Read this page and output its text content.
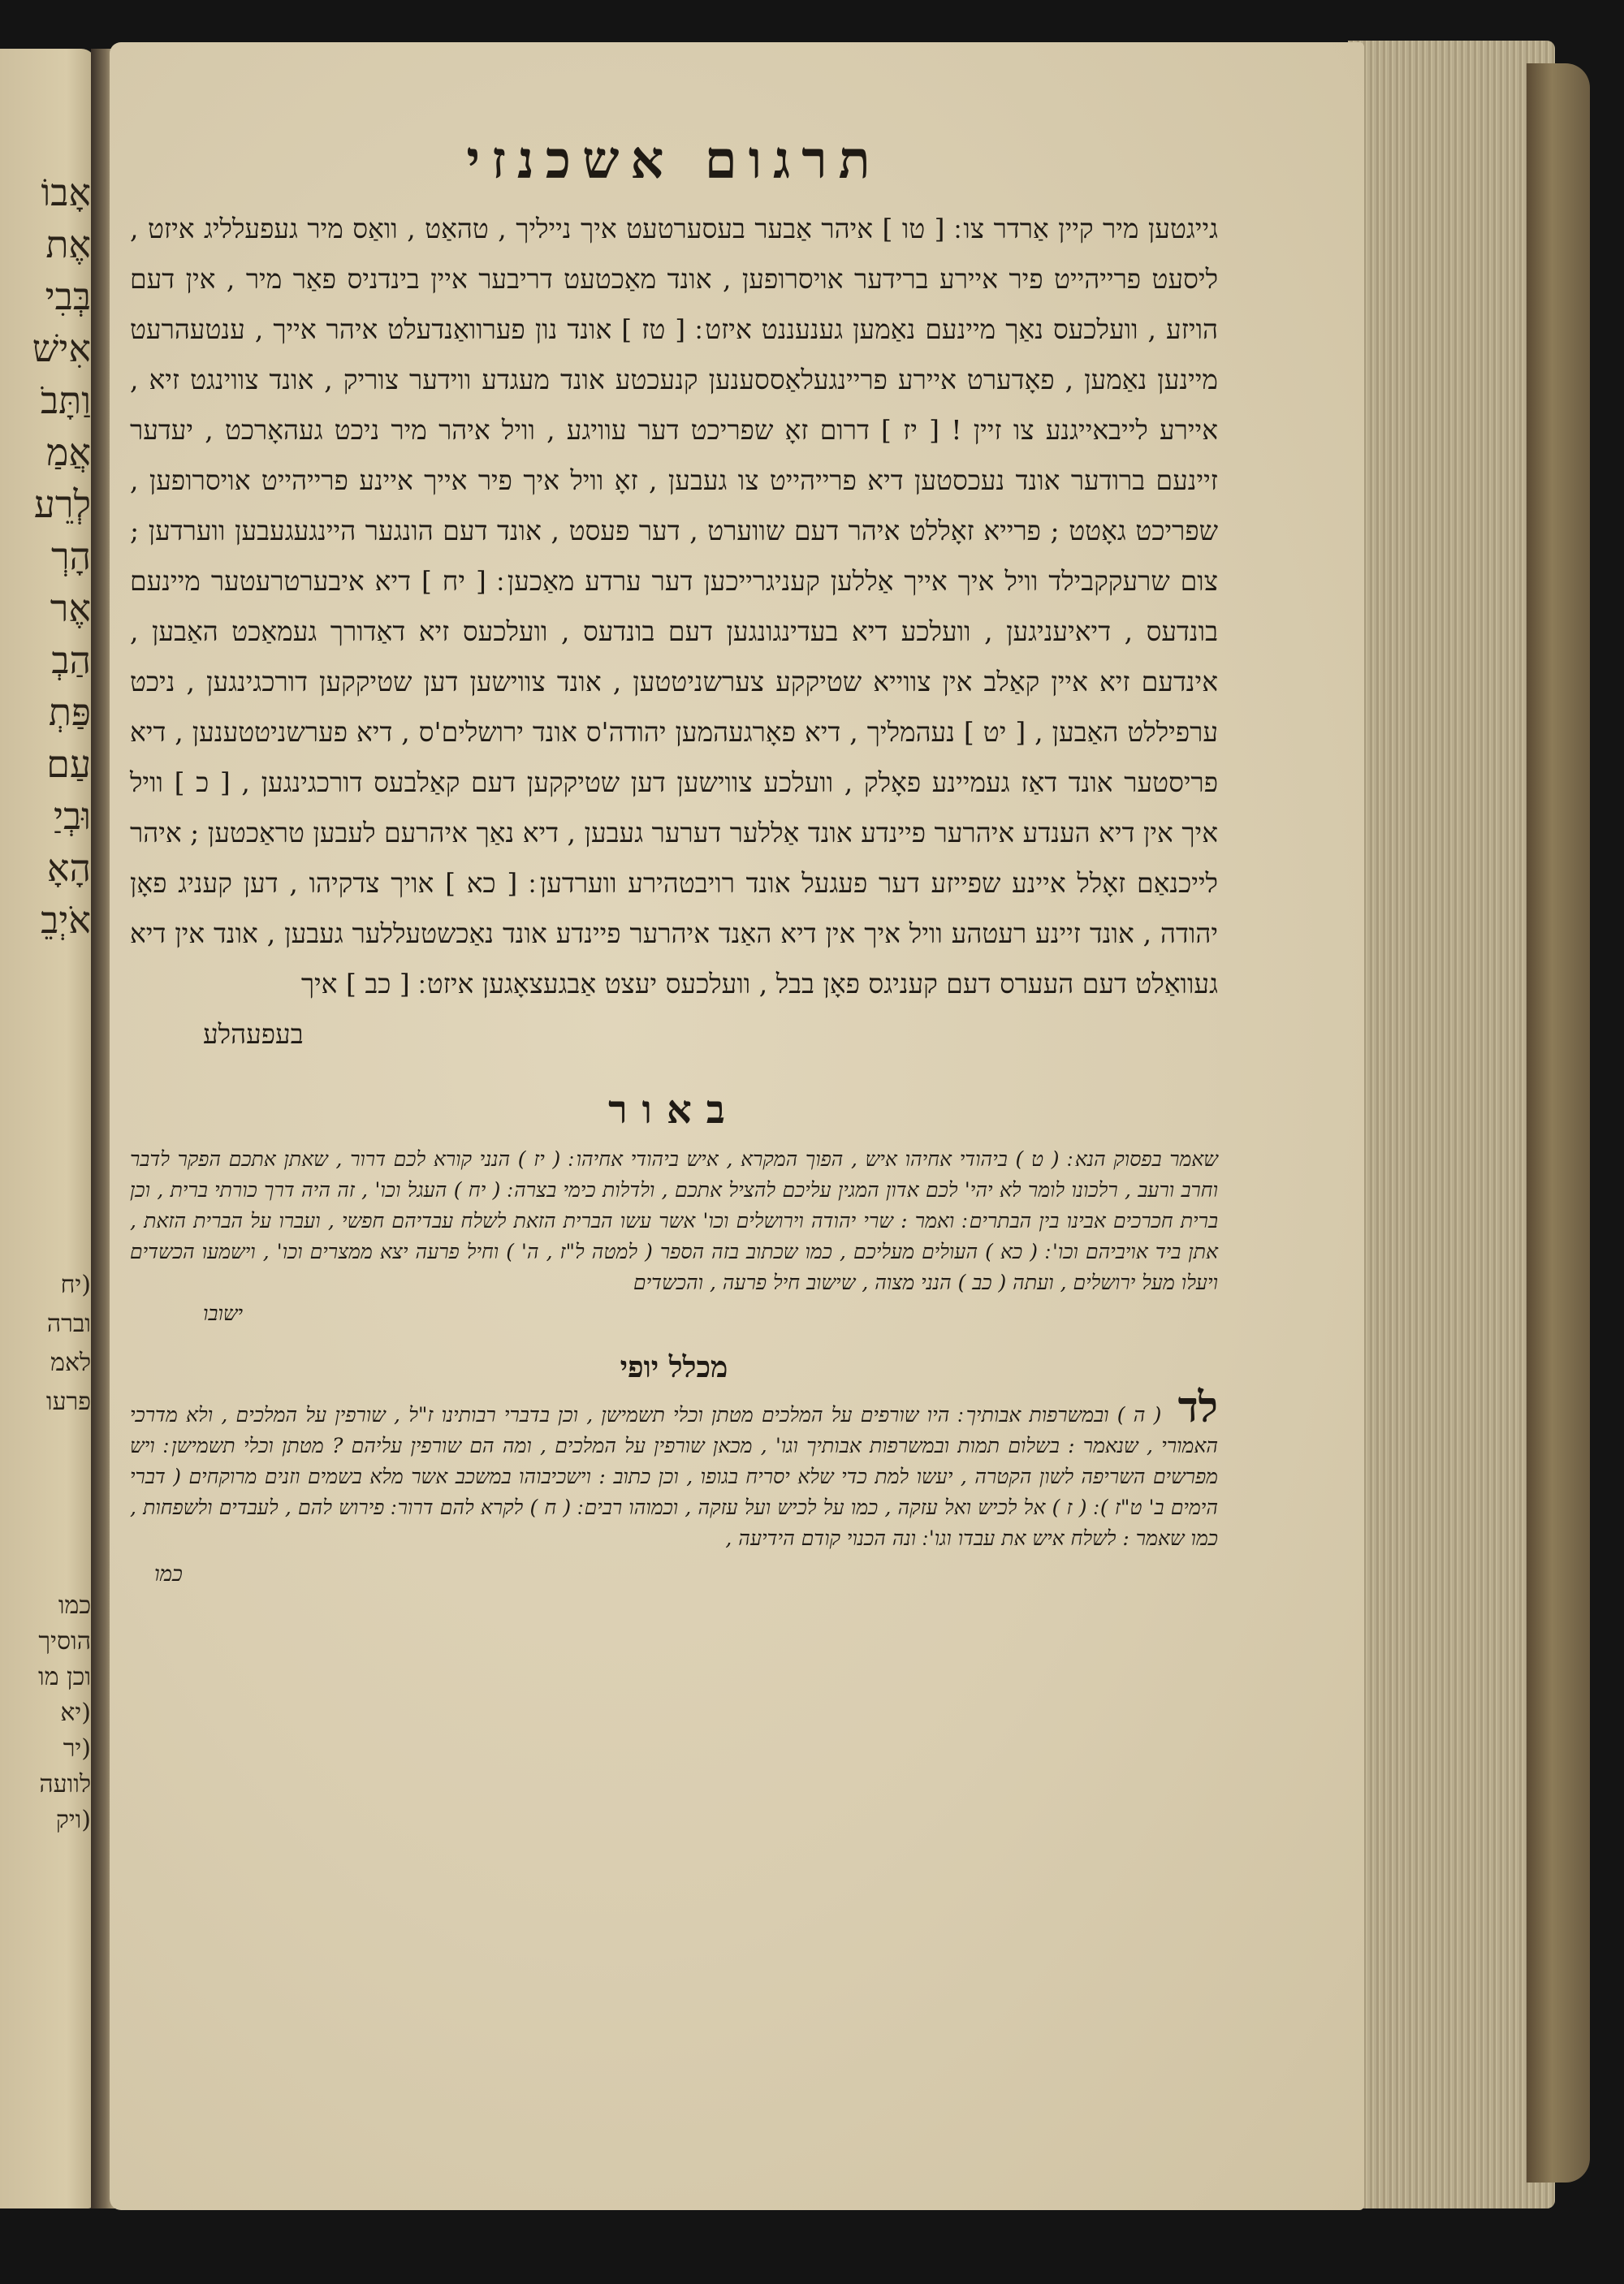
אָבוֹ
אֶת
בְּבִי
אִישׁ
וַתָּבֹ
אֲמַ
לְרֵע
הָרְ
אֶר
הַבְ
פַּתְ
עַם
וּבְיַ
הָאָ
אֹיְבֵ
(יח
וברה
לאמ
פרעו
כמו
הוסיך
וכן מו
(יא
(יר
לוועה
(ויק
תרגום אשכנזי
גייגטען מיר קיין אַרדר צו ׃ [ טו ] איהר אַבער בעסערטעט איך נייליך , טהאַט , וואַס מיר געפעלליג איזט , ליסעט פרייהייט פיר איירע ברידער אויסרופען , אונד מאַכטעט דריבער איין בינדניס פאַר מיר , אין דעם הויזע , וועלכעס נאַך מיינעם נאַמען גענעננט איזט ׃ [ טז ] אונד נון פערוואַנדעלט איהר אייך , ענטעהרעט מיינען נאַמען , פאָדערט איירע פריינגעלאַססענען קנעכטע אונד מעגדע ווידער צוריק , אונד צווינגט זיא , איירע לייבאייגנע צו זיין ! [ יז ] דרום זאָ שפריכט דער עוויגע , וויל איהר מיר ניכט געהאָרכט , יעדער זיינעם ברודער אונד נעכסטען דיא פרייהייט צו געבען , זאָ וויל איך פיר אייך איינע פרייהייט אויסרופען , שפריכט גאָטט ; פרייא זאָללט איהר דעם שווערט , דער פעסט , אונד דעם הונגער היינגעגעבען ווערדען ; צום שרעקקבילד וויל איך אייך אַללען קעניגרייכען דער ערדע מאַכען ׃ [ יח ] דיא איבערטרעטער מיינעם בונדעס , דיאיעניגען , וועלכע דיא בעדינגונגען דעם בונדעס , וועלכעס זיא דאַדורך געמאַכט האַבען , אינדעם זיא איין קאַלב אין צווייא שטיקקע צערשניטטען , אונד צווישען דען שטיקקען דורכגינגען , ניכט ערפיללט האַבען , [ יט ] נעהמליך , דיא פאָרגעהמען יהודה'ס אונד ירושלים'ס , דיא פערשניטטענען , דיא פריסטער אונד דאַז געמיינע פאָלק , וועלכע צווישען דען שטיקקען דעם קאַלבעס דורכגינגען , [ כ ] וויל איך אין דיא הענדע איהרער פיינדע אונד אַללער דערער געבען , דיא נאַך איהרעם לעבען טראַכטען ; איהר לייכנאַם זאָלל איינע שפייזע דער פעגעל אונד רויבטהירע ווערדען ׃ [ כא ] אויך צדקיהו , דען קעניג פאָן יהודה , אונד זיינע רעטהע וויל איך אין דיא האַנד איהרער פיינדע אונד נאַכשטעללער געבען , אונד אין דיא געוואַלט דעם העערס דעם קעניגס פאָן בבל , וועלכעס יעצט אַבגעצאָגען איזט ׃ [ כב ] איך
בעפעהלע
באור
שאמר בפסוק הנא ׃ ( ט ) ביהודי אחיהו איש , הפוך המקרא , איש ביהודי אחיהו ׃ ( יז ) הנני קורא לכם דרור , שאתן אתכם הפקר לדבר וחרב ורעב , רלכונו לומר לא יהי' לכם אדון המגין עליכם להציל אתכם , ולדלות כימי בצרה ׃ ( יח ) העגל וכו' , זה היה דרך כורתי ברית , וכן ברית חכרכים אבינו בין הבתרים ׃ ואמר : שרי יהודה וירושלים וכו' אשר עשו הברית הזאת לשלח עבדיהם חפשי , ועברו על הברית הזאת , אתן ביד אויביהם וכו' ׃ ( כא ) העולים מעליכם , כמו שכתוב בזה הספר ( למטה ל"ז , ה' ) וחיל פרעה יצא ממצרים וכו' , וישמעו הכשדים ויעלו מעל ירושלים , ועתה ( כב ) הנני מצוה , שישוב חיל פרעה , והכשדים
ישובו
מכלל יופי
לד ( ה ) ובמשרפות אבותיך ׃ היו שורפים על המלכים מטתן וכלי תשמישן , וכן בדברי רבותינו ז"ל , שורפין על המלכים , ולא מדרכי האמורי , שנאמר : בשלום תמות ובמשרפות אבותיך וגו' , מכאן שורפין על המלכים , ומה הם שורפין עליהם ? מטתן וכלי תשמישן ׃ ויש מפרשים השריפה לשון הקטרה , יעשו למת כדי שלא יסריח בגופו , וכן כתוב : וישכיבוהו במשכב אשר מלא בשמים וזנים מרוקחים ( דברי הימים ב' ט"ז ) ׃ ( ז ) אל לכיש ואל עזקה , כמו על לכיש ועל עזקה , וכמוהו רבים ׃ ( ח ) לקרא להם דרור ׃ פירוש להם , לעבדים ולשפחות , כמו שאמר : לשלח איש את עבדו וגו' ׃ ונה הכנוי קודם הידיעה ,
כמו
